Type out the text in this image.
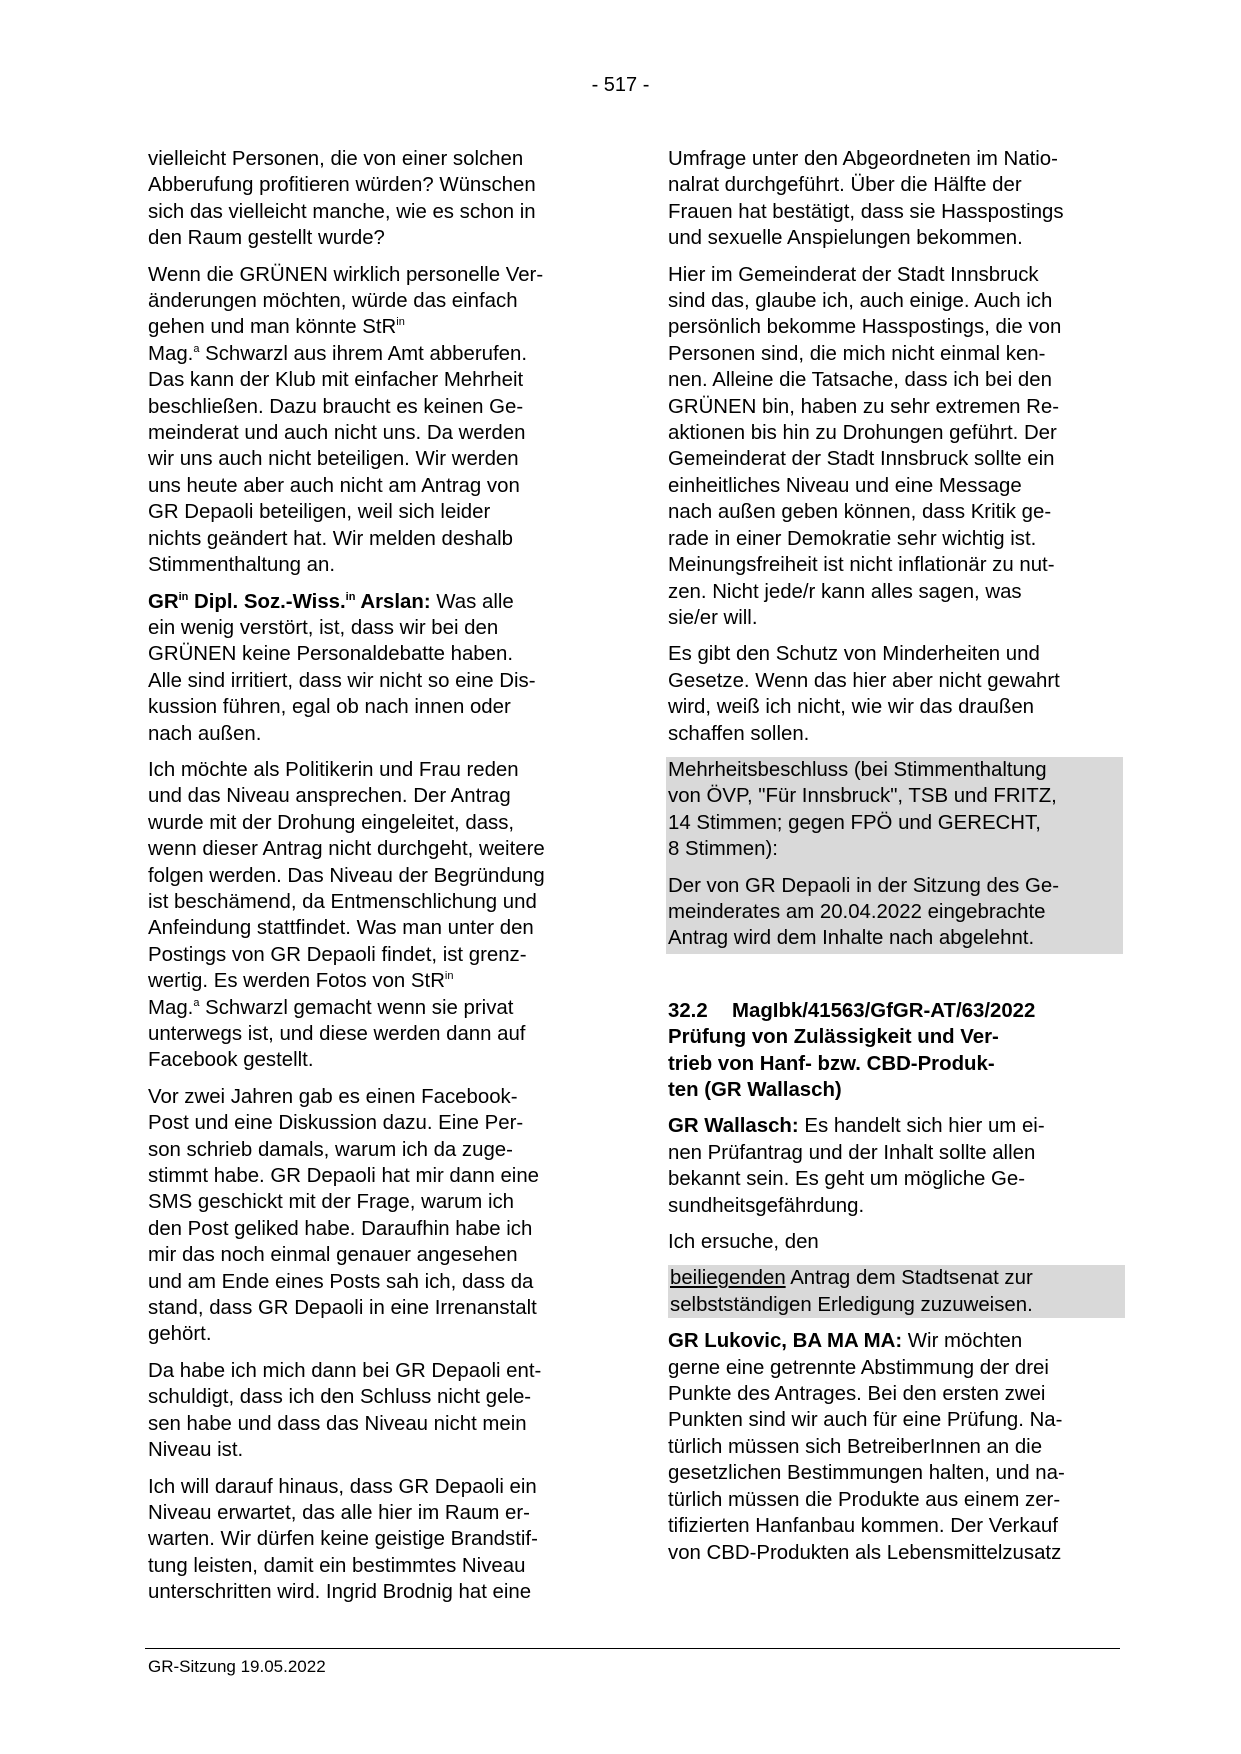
- 517 -

vielleicht Personen, die von einer solchen
Abberufung profitieren würden? Wünschen
sich das vielleicht manche, wie es schon in
den Raum gestellt wurde?

Wenn die GRÜNEN wirklich personelle Ver-
änderungen möchten, würde das einfach
gehen und man könnte StR$^{in}$
Mag.$^a$ Schwarzl aus ihrem Amt abberufen.
Das kann der Klub mit einfacher Mehrheit
beschließen. Dazu braucht es keinen Ge-
meinderat und auch nicht uns. Da werden
wir uns auch nicht beteiligen. Wir werden
uns heute aber auch nicht am Antrag von
GR Depaoli beteiligen, weil sich leider
nichts geändert hat. Wir melden deshalb
Stimmenthaltung an.

$GR^{in}$ Dipl. Soz.-Wiss.$^{in}$ Arslan: Was alle
ein wenig verstört, ist, dass wir bei den
GRÜNEN keine Personaldebatte haben.
Alle sind irritiert, dass wir nicht so eine Dis-
kussion führen, egal ob nach innen oder
nach außen.

Ich möchte als Politikerin und Frau reden
und das Niveau ansprechen. Der Antrag
wurde mit der Drohung eingeleitet, dass,
wenn dieser Antrag nicht durchgeht, weitere
folgen werden. Das Niveau der Begründung
ist beschämend, da Entmenschlichung und
Anfeindung stattfindet. Was man unter den
Postings von GR Depaoli findet, ist grenz-
wertig. Es werden Fotos von StR$^{in}$
Mag.$^a$ Schwarzl gemacht wenn sie privat
unterwegs ist, und diese werden dann auf
Facebook gestellt.

Vor zwei Jahren gab es einen Facebook-
Post und eine Diskussion dazu. Eine Per-
son schrieb damals, warum ich da zuge-
stimmt habe. GR Depaoli hat mir dann eine
SMS geschickt mit der Frage, warum ich
den Post geliked habe. Daraufhin habe ich
mir das noch einmal genauer angesehen
und am Ende eines Posts sah ich, dass da
stand, dass GR Depaoli in eine Irrenanstalt
gehört.

Da habe ich mich dann bei GR Depaoli ent-
schuldigt, dass ich den Schluss nicht gele-
sen habe und dass das Niveau nicht mein
Niveau ist.

Ich will darauf hinaus, dass GR Depaoli ein
Niveau erwartet, das alle hier im Raum er-
warten. Wir dürfen keine geistige Brandstif-
tung leisten, damit ein bestimmtes Niveau
unterschritten wird. Ingrid Brodnig hat eine

Umfrage unter den Abgeordneten im Natio-
nalrat durchgeführt. Über die Hälfte der
Frauen hat bestätigt, dass sie Hasspostings
und sexuelle Anspielungen bekommen.

Hier im Gemeinderat der Stadt Innsbruck
sind das, glaube ich, auch einige. Auch ich
persönlich bekomme Hasspostings, die von
Personen sind, die mich nicht einmal ken-
nen. Alleine die Tatsache, dass ich bei den
GRÜNEN bin, haben zu sehr extremen Re-
aktionen bis hin zu Drohungen geführt. Der
Gemeinderat der Stadt Innsbruck sollte ein
einheitliches Niveau und eine Message
nach außen geben können, dass Kritik ge-
rade in einer Demokratie sehr wichtig ist.
Meinungsfreiheit ist nicht inflationär zu nut-
zen. Nicht jede/r kann alles sagen, was
sie/er will.

Es gibt den Schutz von Minderheiten und
Gesetze. Wenn das hier aber nicht gewahrt
wird, weiß ich nicht, wie wir das draußen
schaffen sollen.

Mehrheitsbeschluss (bei Stimmenthaltung
von ÖVP, "Für Innsbruck", TSB und FRITZ,
14 Stimmen; gegen FPÖ und GERECHT,
8 Stimmen):

Der von GR Depaoli in der Sitzung des Ge-
meinderates am 20.04.2022 eingebrachte
Antrag wird dem Inhalte nach abgelehnt.

32.2 MagIbk/41563/GfGR-AT/63/2022

Prüfung von Zulässigkeit und Ver-
trieb von Hanf- bzw. CBD-Produk-
ten (GR Wallasch)

GR Wallasch: Es handelt sich hier um ei-
nen Prüfantrag und der Inhalt sollte allen
bekannt sein. Es geht um mögliche Ge-
sundheitsgefährdung.

Ich ersuche, den

beiliegenden Antrag dem Stadtsenat zur
selbstständigen Erledigung zuzuweisen.

GR Lukovic, BA MA MA: Wir möchten
gerne eine getrennte Abstimmung der drei
Punkte des Antrages. Bei den ersten zwei
Punkten sind wir auch für eine Prüfung. Na-
türlich müssen sich BetreiberInnen an die
gesetzlichen Bestimmungen halten, und na-
türlich müssen die Produkte aus einem zer-
tifizierten Hanfanbau kommen. Der Verkauf
von CBD-Produkten als Lebensmittelzusatz

GR-Sitzung 19.05.2022
